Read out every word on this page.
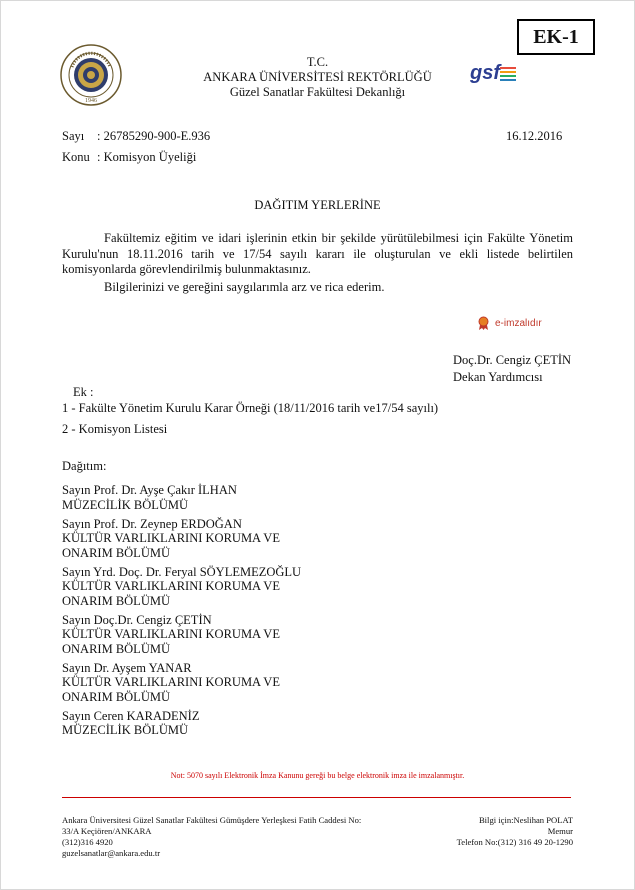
EK-1
1946
gsf
T.C.
ANKARA ÜNİVERSİTESİ REKTÖRLÜĞÜ
Güzel Sanatlar Fakültesi Dekanlığı
Sayı : 26785290-900-E.936	16.12.2016
Konu : Komisyon Üyeliği
DAĞITIM YERLERİNE
Fakültemiz eğitim ve idari işlerinin etkin bir şekilde yürütülebilmesi için Fakülte Yönetim Kurulu'nun 18.11.2016 tarih ve 17/54 sayılı kararı ile oluşturulan ve ekli listede belirtilen komisyonlarda görevlendirilmiş bulunmaktasınız.
Bilgilerinizi ve gereğini saygılarımla arz ve rica ederim.
e-imzalıdır
Doç.Dr. Cengiz ÇETİN
Dekan Yardımcısı
Ek :
1 - Fakülte Yönetim Kurulu Karar Örneği (18/11/2016 tarih ve17/54 sayılı)
2 - Komisyon Listesi
Dağıtım:
Sayın Prof. Dr. Ayşe Çakır İLHAN
MÜZECİLİK BÖLÜMÜ
Sayın Prof. Dr. Zeynep ERDOĞAN
KÜLTÜR VARLIKLARINI KORUMA VE
ONARIM BÖLÜMÜ
Sayın Yrd. Doç. Dr. Feryal SÖYLEMEZOĞLU
KÜLTÜR VARLIKLARINI KORUMA VE
ONARIM BÖLÜMÜ
Sayın Doç.Dr. Cengiz ÇETİN
KÜLTÜR VARLIKLARINI KORUMA VE
ONARIM BÖLÜMÜ
Sayın Dr. Ayşem YANAR
KÜLTÜR VARLIKLARINI KORUMA VE
ONARIM BÖLÜMÜ
Sayın Ceren KARADENİZ
MÜZECİLİK BÖLÜMÜ
Not: 5070 sayılı Elektronik İmza Kanunu gereği bu belge elektronik imza ile imzalanmıştır.
Ankara Üniversitesi Güzel Sanatlar Fakültesi Gümüşdere Yerleşkesi Fatih Caddesi No:
33/A Keçiören/ANKARA
(312)316 4920
guzelsanatlar@ankara.edu.tr
Bilgi için:Neslihan POLAT
Memur
Telefon No:(312) 316 49 20-1290
